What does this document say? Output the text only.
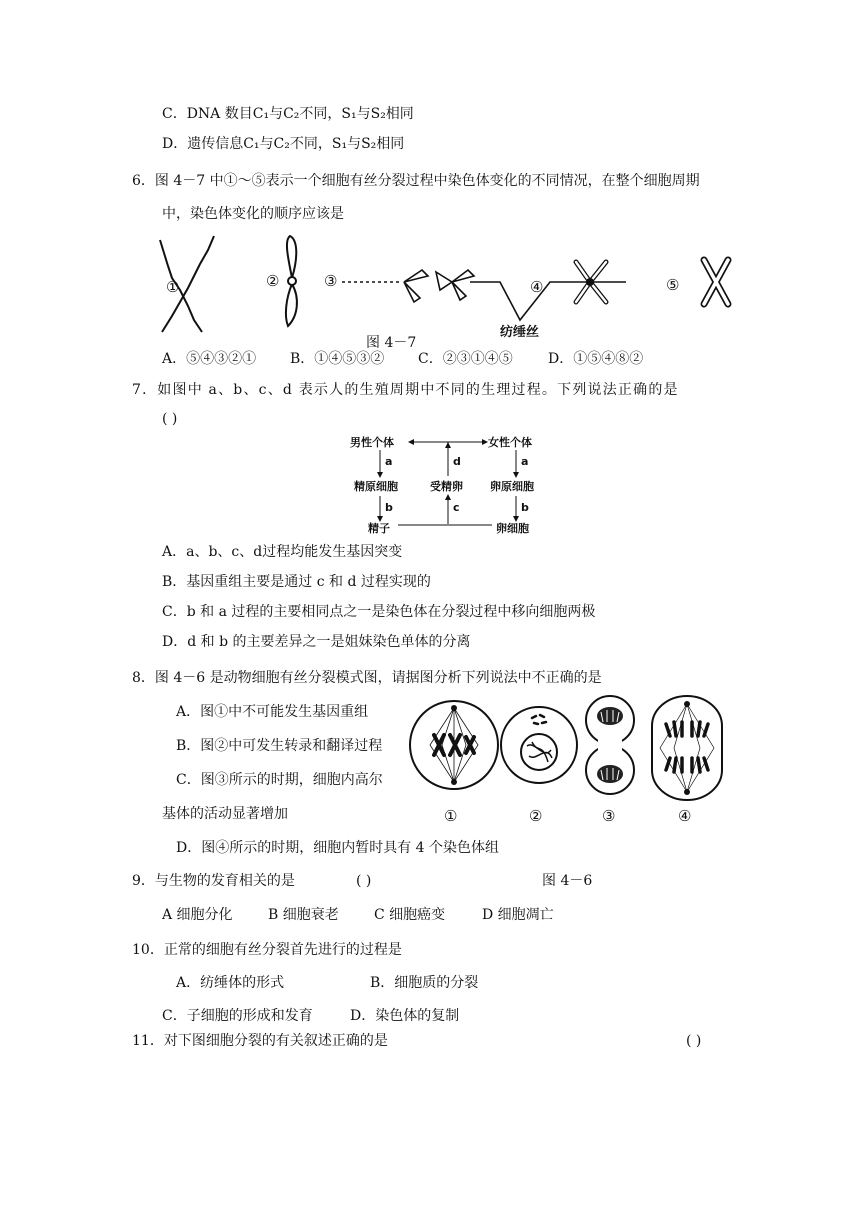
C．DNA 数目C₁与C₂不同，S₁与S₂相同
D．遗传信息C₁与C₂不同，S₁与S₂相同
6．图 4－7 中①～⑤表示一个细胞有丝分裂过程中染色体变化的不同情况，在整个细胞周期
中，染色体变化的顺序应该是
①	②	③	④	⑤
纺缍丝
图 4－7
A．⑤④③②① B．①④⑤③② C．②③①④⑤	D．①⑤④⑧②
7．如图中 a、b、c、d 表示人的生殖周期中不同的生理过程。下列说法正确的是
( )
男性个体	女性个体
a	a
d
精原细胞	受精卵 卵原细胞
b	b
c
精子	卵细胞
A．a、b、c、d过程均能发生基因突变
B．基因重组主要是通过 c 和 d 过程实现的
C．b 和 a 过程的主要相同点之一是染色体在分裂过程中移向细胞两极
D．d 和 b 的主要差异之一是姐妹染色单体的分离
8．图 4－6 是动物细胞有丝分裂模式图，请据图分析下列说法中不正确的是
A．图①中不可能发生基因重组
B．图②中可发生转录和翻译过程
C．图③所示的时期，细胞内高尔
基体的活动显著增加
D．图④所示的时期，细胞内暂时具有 4 个染色体组
①	②	③	④
9．与生物的发育相关的是	( )	图 4－6
A 细胞分化	B 细胞衰老	C 细胞癌变	D 细胞凋亡
10．正常的细胞有丝分裂首先进行的过程是
A．纺缍体的形式	B．细胞质的分裂
C．子细胞的形成和发育	D．染色体的复制
11．对下图细胞分裂的有关叙述正确的是	( )
